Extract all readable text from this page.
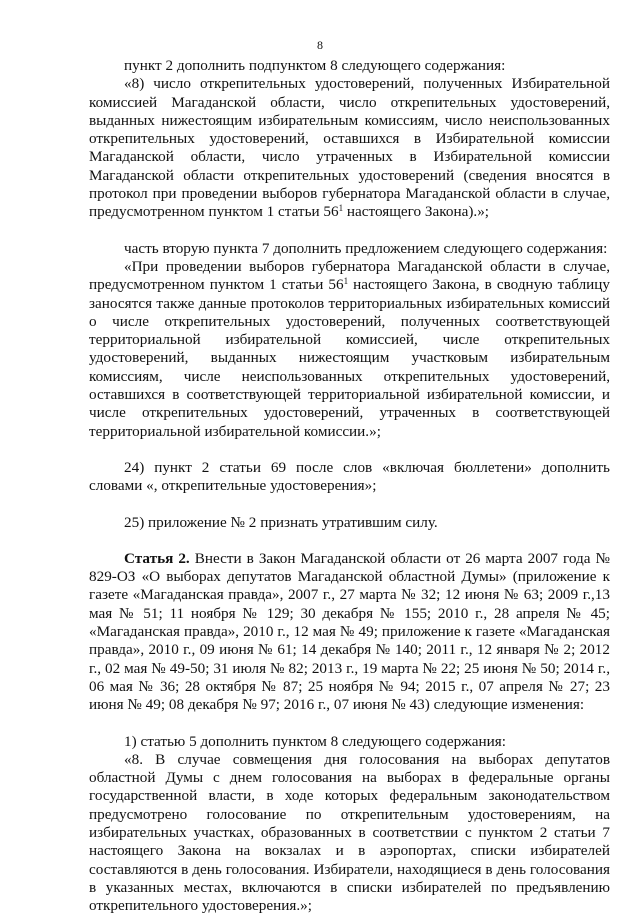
8

пункт 2 дополнить подпунктом 8 следующего содержания:

«8) число открепительных удостоверений, полученных Избирательной комиссией Магаданской области, число открепительных удостоверений, выданных нижестоящим избирательным комиссиям, число неиспользованных открепительных удостоверений, оставшихся в Избирательной комиссии Магаданской области, число утраченных в Избирательной комиссии Магаданской области открепительных удостоверений (сведения вносятся в протокол при проведении выборов губернатора Магаданской области в случае, предусмотренном пунктом 1 статьи $56^1$ настоящего Закона).»;

часть вторую пункта 7 дополнить предложением следующего содержания:

«При проведении выборов губернатора Магаданской области в случае, предусмотренном пунктом 1 статьи $56^1$ настоящего Закона, в сводную таблицу заносятся также данные протоколов территориальных избирательных комиссий о числе открепительных удостоверений, полученных соответствующей территориальной избирательной комиссией, числе открепительных удостоверений, выданных нижестоящим участковым избирательным комиссиям, числе неиспользованных открепительных удостоверений, оставшихся в соответствующей территориальной избирательной комиссии, и числе открепительных удостоверений, утраченных в соответствующей территориальной избирательной комиссии.»;

24) пункт 2 статьи 69 после слов «включая бюллетени» дополнить словами «, открепительные удостоверения»;

25) приложение № 2 признать утратившим силу.

Статья 2. Внести в Закон Магаданской области от 26 марта 2007 года № 829-ОЗ «О выборах депутатов Магаданской областной Думы» (приложение к газете «Магаданская правда», 2007 г., 27 марта № 32; 12 июня № 63; 2009 г.,13 мая № 51; 11 ноября № 129; 30 декабря № 155; 2010 г., 28 апреля № 45; «Магаданская правда», 2010 г., 12 мая № 49; приложение к газете «Магаданская правда», 2010 г., 09 июня № 61; 14 декабря № 140; 2011 г., 12 января № 2; 2012 г., 02 мая № 49-50; 31 июля № 82; 2013 г., 19 марта № 22; 25 июня № 50; 2014 г., 06 мая № 36; 28 октября № 87; 25 ноября № 94; 2015 г., 07 апреля № 27; 23 июня № 49; 08 декабря № 97; 2016 г., 07 июня № 43) следующие изменения:

1) статью 5 дополнить пунктом 8 следующего содержания:

«8. В случае совмещения дня голосования на выборах депутатов областной Думы с днем голосования на выборах в федеральные органы государственной власти, в ходе которых федеральным законодательством предусмотрено голосование по открепительным удостоверениям, на избирательных участках, образованных в соответствии с пунктом 2 статьи 7 настоящего Закона на вокзалах и в аэропортах, списки избирателей составляются в день голосования. Избиратели, находящиеся в день голосования в указанных местах, включаются в списки избирателей по предъявлению открепительного удостоверения.»;
